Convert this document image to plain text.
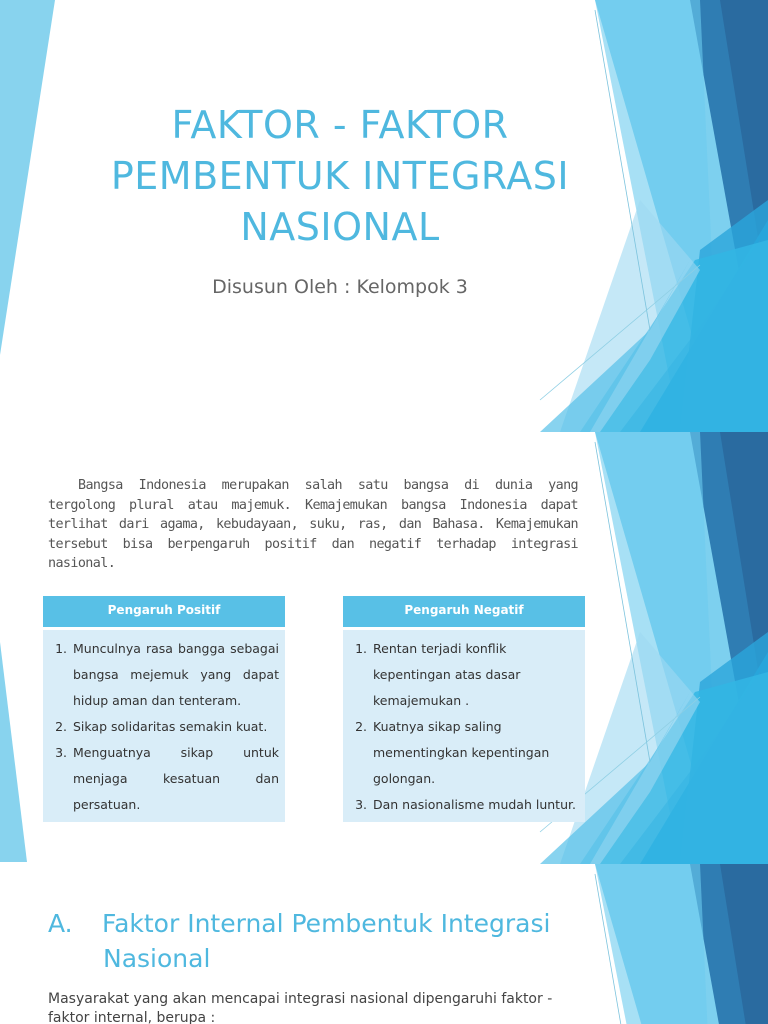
FAKTOR - FAKTOR PEMBENTUK INTEGRASI NASIONAL
Disusun Oleh : Kelompok 3
Bangsa Indonesia merupakan salah satu bangsa di dunia yang tergolong plural atau majemuk. Kemajemukan bangsa Indonesia dapat terlihat dari agama, kebudayaan, suku, ras, dan Bahasa. Kemajemukan tersebut bisa berpengaruh positif dan negatif terhadap integrasi nasional.
Pengaruh Positif
1. Munculnya rasa bangga sebagai bangsa mejemuk yang dapat hidup aman dan tenteram.
2. Sikap solidaritas semakin kuat.
3. Menguatnya sikap untuk menjaga kesatuan dan persatuan.
Pengaruh Negatif
1. Rentan terjadi konflik kepentingan atas dasar kemajemukan .
2. Kuatnya sikap saling mementingkan kepentingan golongan.
3. Dan nasionalisme mudah luntur.
A. Faktor Internal Pembentuk Integrasi
Nasional
Masyarakat yang akan mencapai integrasi nasional dipengaruhi faktor - faktor internal, berupa :
